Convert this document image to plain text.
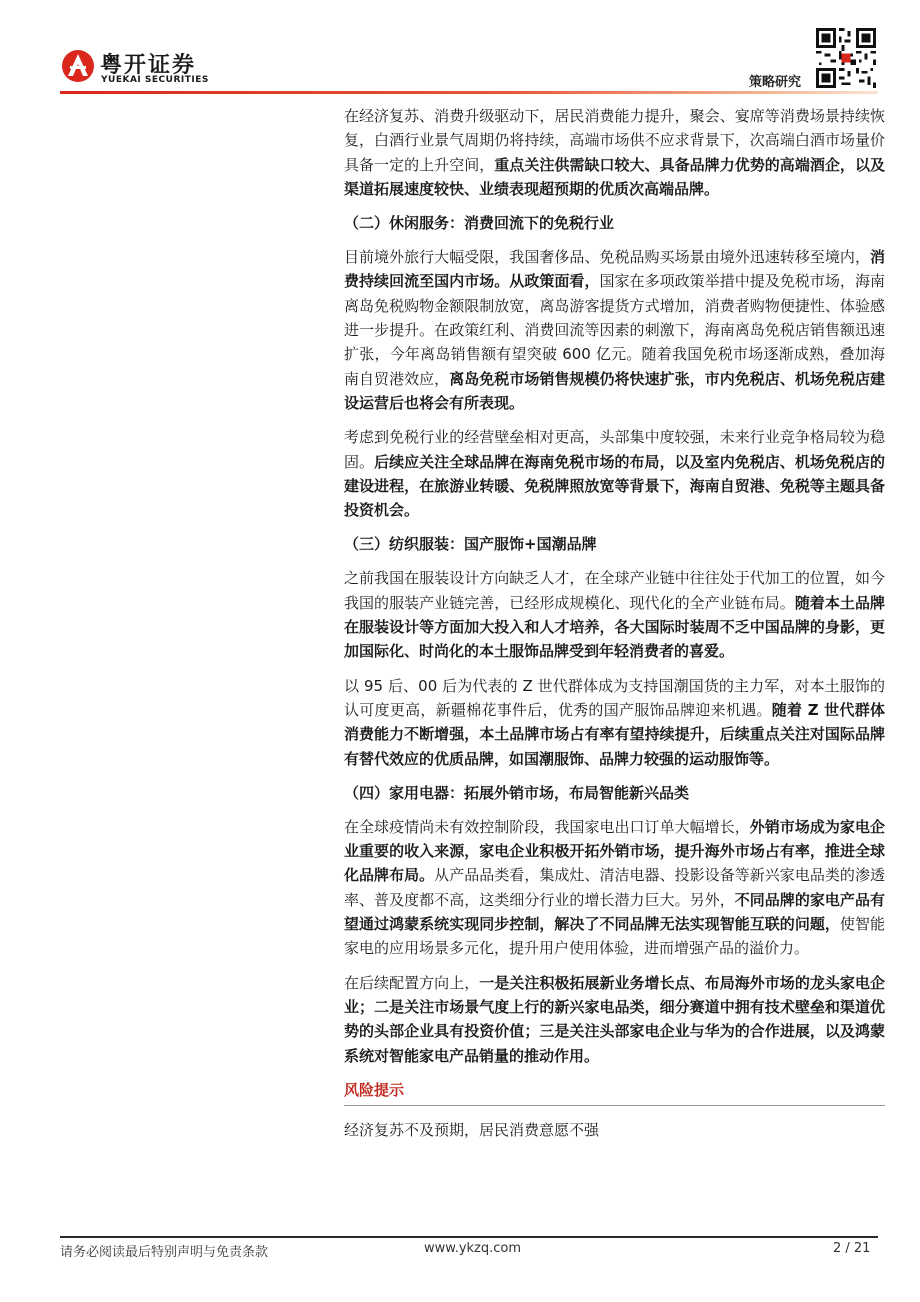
粤开证券
YUEKAI SECURITIES	策略研究

在经济复苏、消费升级驱动下，居民消费能力提升，聚会、宴席等消费场景持续恢复，白酒行业景气周期仍将持续，高端市场供不应求背景下，次高端白酒市场量价具备一定的上升空间，重点关注供需缺口较大、具备品牌力优势的高端酒企，以及渠道拓展速度较快、业绩表现超预期的优质次高端品牌。

（二）休闲服务：消费回流下的免税行业

目前境外旅行大幅受限，我国奢侈品、免税品购买场景由境外迅速转移至境内，消费持续回流至国内市场。从政策面看，国家在多项政策举措中提及免税市场，海南离岛免税购物金额限制放宽，离岛游客提货方式增加，消费者购物便捷性、体验感进一步提升。在政策红利、消费回流等因素的刺激下，海南离岛免税店销售额迅速扩张，今年离岛销售额有望突破 600 亿元。随着我国免税市场逐渐成熟，叠加海南自贸港效应，离岛免税市场销售规模仍将快速扩张，市内免税店、机场免税店建设运营后也将会有所表现。

考虑到免税行业的经营壁垒相对更高，头部集中度较强，未来行业竞争格局较为稳固。后续应关注全球品牌在海南免税市场的布局，以及室内免税店、机场免税店的建设进程，在旅游业转暖、免税牌照放宽等背景下，海南自贸港、免税等主题具备投资机会。

（三）纺织服装：国产服饰+国潮品牌

之前我国在服装设计方向缺乏人才，在全球产业链中往往处于代加工的位置，如今我国的服装产业链完善，已经形成规模化、现代化的全产业链布局。随着本土品牌在服装设计等方面加大投入和人才培养，各大国际时装周不乏中国品牌的身影，更加国际化、时尚化的本土服饰品牌受到年轻消费者的喜爱。

以 95 后、00 后为代表的 Z 世代群体成为支持国潮国货的主力军，对本土服饰的认可度更高，新疆棉花事件后，优秀的国产服饰品牌迎来机遇。随着 Z 世代群体消费能力不断增强，本土品牌市场占有率有望持续提升，后续重点关注对国际品牌有替代效应的优质品牌，如国潮服饰、品牌力较强的运动服饰等。

（四）家用电器：拓展外销市场，布局智能新兴品类

在全球疫情尚未有效控制阶段，我国家电出口订单大幅增长，外销市场成为家电企业重要的收入来源，家电企业积极开拓外销市场，提升海外市场占有率，推进全球化品牌布局。从产品品类看，集成灶、清洁电器、投影设备等新兴家电品类的渗透率、普及度都不高，这类细分行业的增长潜力巨大。另外，不同品牌的家电产品有望通过鸿蒙系统实现同步控制，解决了不同品牌无法实现智能互联的问题，使智能家电的应用场景多元化，提升用户使用体验，进而增强产品的溢价力。

在后续配置方向上，一是关注积极拓展新业务增长点、布局海外市场的龙头家电企业；二是关注市场景气度上行的新兴家电品类，细分赛道中拥有技术壁垒和渠道优势的头部企业具有投资价值；三是关注头部家电企业与华为的合作进展，以及鸿蒙系统对智能家电产品销量的推动作用。

风险提示

经济复苏不及预期，居民消费意愿不强

请务必阅读最后特别声明与免责条款	www.ykzq.com	2 / 21
